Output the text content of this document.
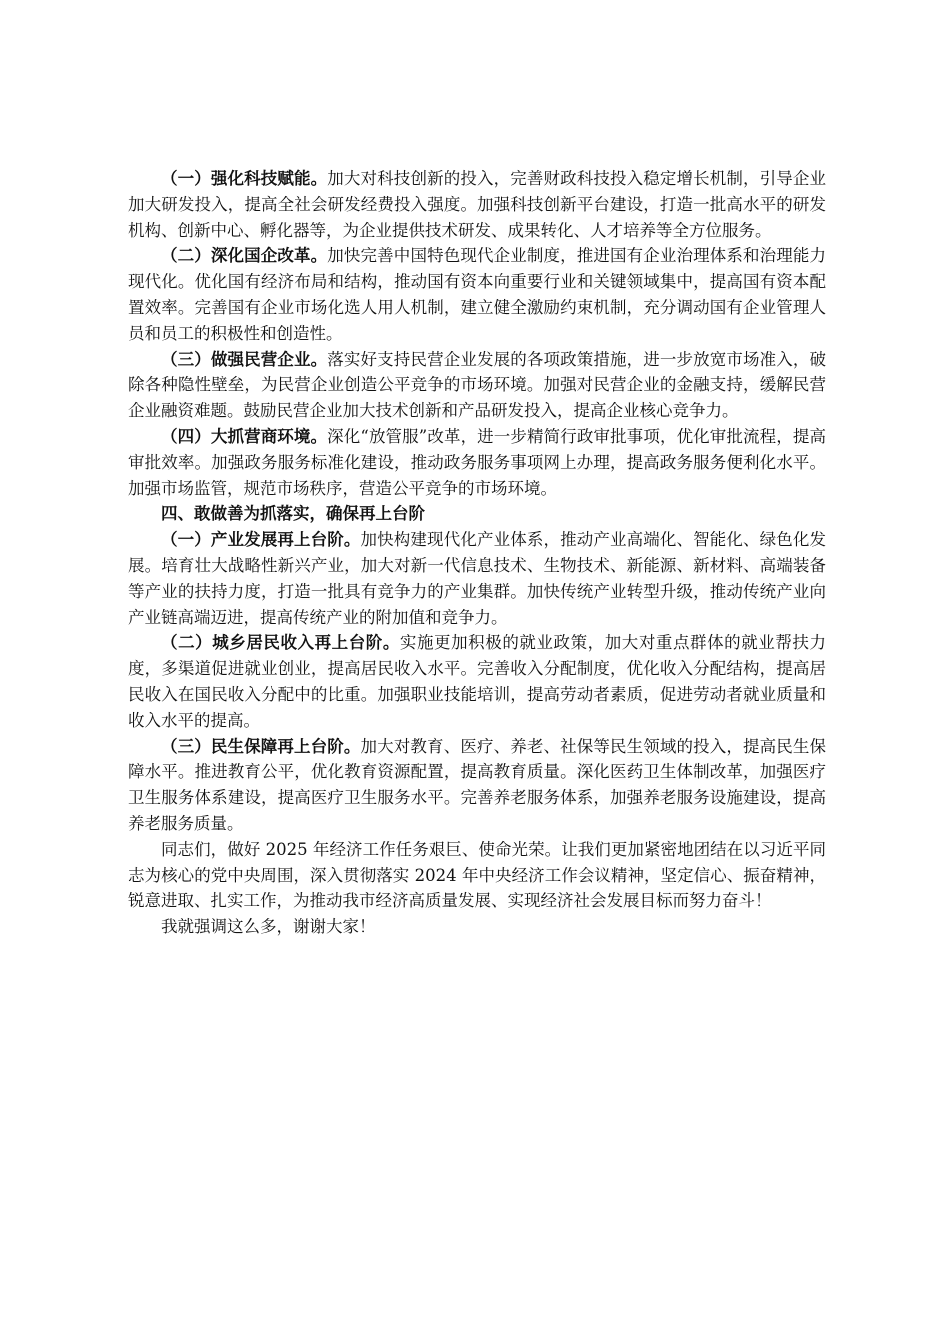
（一）强化科技赋能。加大对科技创新的投入，完善财政科技投入稳定增长机制，引导企业加大研发投入，提高全社会研发经费投入强度。加强科技创新平台建设，打造一批高水平的研发机构、创新中心、孵化器等，为企业提供技术研发、成果转化、人才培养等全方位服务。

（二）深化国企改革。加快完善中国特色现代企业制度，推进国有企业治理体系和治理能力现代化。优化国有经济布局和结构，推动国有资本向重要行业和关键领域集中，提高国有资本配置效率。完善国有企业市场化选人用人机制，建立健全激励约束机制，充分调动国有企业管理人员和员工的积极性和创造性。

（三）做强民营企业。落实好支持民营企业发展的各项政策措施，进一步放宽市场准入，破除各种隐性壁垒，为民营企业创造公平竞争的市场环境。加强对民营企业的金融支持，缓解民营企业融资难题。鼓励民营企业加大技术创新和产品研发投入，提高企业核心竞争力。

（四）大抓营商环境。深化“放管服”改革，进一步精简行政审批事项，优化审批流程，提高审批效率。加强政务服务标准化建设，推动政务服务事项网上办理，提高政务服务便利化水平。加强市场监管，规范市场秩序，营造公平竞争的市场环境。

四、敢做善为抓落实，确保再上台阶

（一）产业发展再上台阶。加快构建现代化产业体系，推动产业高端化、智能化、绿色化发展。培育壮大战略性新兴产业，加大对新一代信息技术、生物技术、新能源、新材料、高端装备等产业的扶持力度，打造一批具有竞争力的产业集群。加快传统产业转型升级，推动传统产业向产业链高端迈进，提高传统产业的附加值和竞争力。

（二）城乡居民收入再上台阶。实施更加积极的就业政策，加大对重点群体的就业帮扶力度，多渠道促进就业创业，提高居民收入水平。完善收入分配制度，优化收入分配结构，提高居民收入在国民收入分配中的比重。加强职业技能培训，提高劳动者素质，促进劳动者就业质量和收入水平的提高。

（三）民生保障再上台阶。加大对教育、医疗、养老、社保等民生领域的投入，提高民生保障水平。推进教育公平，优化教育资源配置，提高教育质量。深化医药卫生体制改革，加强医疗卫生服务体系建设，提高医疗卫生服务水平。完善养老服务体系，加强养老服务设施建设，提高养老服务质量。

同志们，做好 2025 年经济工作任务艰巨、使命光荣。让我们更加紧密地团结在以习近平同志为核心的党中央周围，深入贯彻落实 2024 年中央经济工作会议精神，坚定信心、振奋精神，锐意进取、扎实工作，为推动我市经济高质量发展、实现经济社会发展目标而努力奋斗！

我就强调这么多，谢谢大家！
